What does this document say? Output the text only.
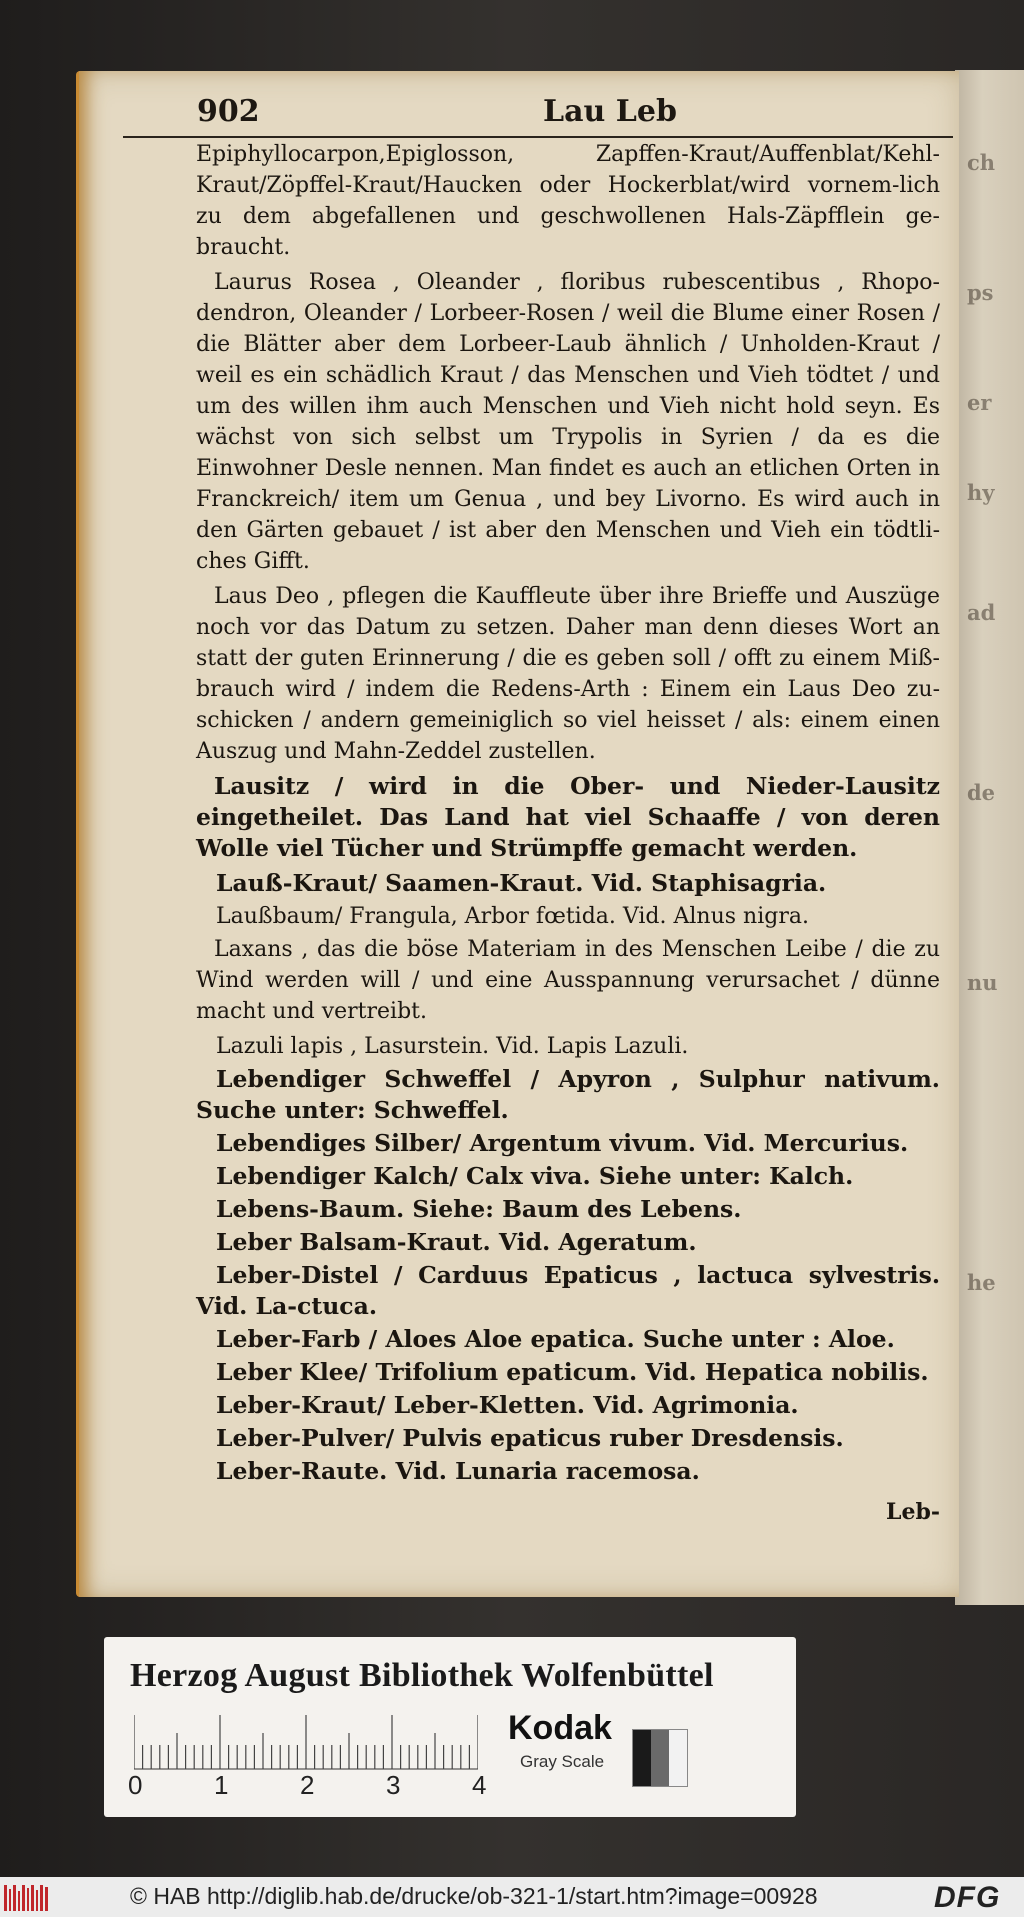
ch
ps
er
hy
ad
de
nu
he
902	Lau Leb

Epiphyllocarpon,Epiglosson, Zapffen-Kraut/Auffenblat/Kehl-Kraut/Zöpffel-Kraut/Haucken oder Hockerblat/wird vornem-lich zu dem abgefallenen und geschwollenen Hals-Zäpfflein ge-braucht.

Laurus Rosea , Oleander , floribus rubescentibus , Rhopo-dendron, Oleander / Lorbeer-Rosen / weil die Blume einer Rosen / die Blätter aber dem Lorbeer-Laub ähnlich / Unholden-Kraut / weil es ein schädlich Kraut / das Menschen und Vieh tödtet / und um des willen ihm auch Menschen und Vieh nicht hold seyn. Es wächst von sich selbst um Trypolis in Syrien / da es die Einwohner Desle nennen. Man findet es auch an etlichen Orten in Franckreich/ item um Genua , und bey Livorno. Es wird auch in den Gärten gebauet / ist aber den Menschen und Vieh ein tödtli-ches Gifft.

Laus Deo , pflegen die Kauffleute über ihre Brieffe und Auszüge noch vor das Datum zu setzen. Daher man denn dieses Wort an statt der guten Erinnerung / die es geben soll / offt zu einem Miß-brauch wird / indem die Redens-Arth : Einem ein Laus Deo zu-schicken / andern gemeiniglich so viel heisset / als: einem einen Auszug und Mahn-Zeddel zustellen.

Lausitz / wird in die Ober- und Nieder-Lausitz eingetheilet. Das Land hat viel Schaaffe / von deren Wolle viel Tücher und Strümpffe gemacht werden.

Lauß-Kraut/ Saamen-Kraut. Vid. Staphisagria.

Laußbaum/ Frangula, Arbor fœtida. Vid. Alnus nigra.

Laxans , das die böse Materiam in des Menschen Leibe / die zu Wind werden will / und eine Ausspannung verursachet / dünne macht und vertreibt.

Lazuli lapis , Lasurstein. Vid. Lapis Lazuli.

Lebendiger Schweffel / Apyron , Sulphur nativum. Suche unter: Schweffel.

Lebendiges Silber/ Argentum vivum. Vid. Mercurius.

Lebendiger Kalch/ Calx viva. Siehe unter: Kalch.

Lebens-Baum. Siehe: Baum des Lebens.

Leber Balsam-Kraut. Vid. Ageratum.

Leber-Distel / Carduus Epaticus , lactuca sylvestris. Vid. La-ctuca.

Leber-Farb / Aloes Aloe epatica. Suche unter : Aloe.

Leber Klee/ Trifolium epaticum. Vid. Hepatica nobilis.

Leber-Kraut/ Leber-Kletten. Vid. Agrimonia.

Leber-Pulver/ Pulvis epaticus ruber Dresdensis.

Leber-Raute. Vid. Lunaria racemosa.

Leb-

Herzog August Bibliothek Wolfenbüttel
0	1	2	3	4
Kodak
Gray Scale
© HAB http://diglib.hab.de/drucke/ob-321-1/start.htm?image=00928	DFG
